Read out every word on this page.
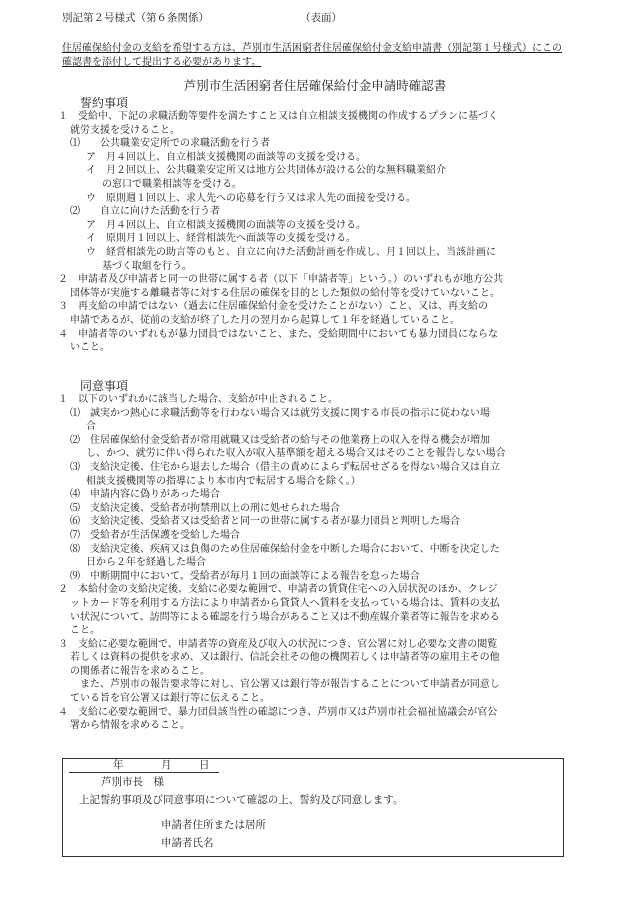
別記第２号様式（第６条関係）	（表面）
住居確保給付金の支給を希望する方は、芦別市生活困窮者住居確保給付金支給申請書（別記第１号様式）にこの確認書を添付して提出する必要があります。
芦別市生活困窮者住居確保給付金申請時確認書
誓約事項
１　受給中、下記の求職活動等要件を満たすこと又は自立相談支援機関の作成するプランに基づく
就労支援を受けること。
⑴　　公共職業安定所での求職活動を行う者
ア　月４回以上、自立相談支援機関の面談等の支援を受ける。
イ　月２回以上、公共職業安定所又は地方公共団体が設ける公的な無料職業紹介
の窓口で職業相談等を受ける。
ウ　原則週１回以上、求人先への応募を行う又は求人先の面接を受ける。
⑵　　自立に向けた活動を行う者
ア　月４回以上、自立相談支援機関の面談等の支援を受ける。
イ　原則月１回以上、経営相談先へ面談等の支援を受ける。
ウ　経営相談先の助言等のもと、自立に向けた活動計画を作成し、月１回以上、当該計画に
基づく取組を行う。
２　申請者及び申請者と同一の世帯に属する者（以下「申請者等」という。）のいずれもが地方公共
団体等が実施する離職者等に対する住居の確保を目的とした類似の給付等を受けていないこと。
３　再支給の申請ではない（過去に住居確保給付金を受けたことがない）こと、又は、再支給の
申請であるが、従前の支給が終了した月の翌月から起算して１年を経過していること。
４　申請者等のいずれもが暴力団員ではないこと、また、受給期間中においても暴力団員にならな
いこと。
同意事項
１　以下のいずれかに該当した場合、支給が中止されること。
⑴　誠実かつ熱心に求職活動等を行わない場合又は就労支援に関する市長の指示に従わない場
合
⑵　住居確保給付金受給者が常用就職又は受給者の給与その他業務上の収入を得る機会が増加
し、かつ、就労に伴い得られた収入が収入基準額を超える場合又はそのことを報告しない場合
⑶　支給決定後、住宅から退去した場合（借主の責めによらず転居せざるを得ない場合又は自立
相談支援機関等の指導により本市内で転居する場合を除く。）
⑷　申請内容に偽りがあった場合
⑸　支給決定後、受給者が拘禁刑以上の刑に処せられた場合
⑹　支給決定後、受給者又は受給者と同一の世帯に属する者が暴力団員と判明した場合
⑺　受給者が生活保護を受給した場合
⑻　支給決定後、疾病又は負傷のため住居確保給付金を中断した場合において、中断を決定した
日から２年を経過した場合
⑼　中断期間中において、受給者が毎月１回の面談等による報告を怠った場合
２　本給付金の支給決定後、支給に必要な範囲で、申請者の賃貸住宅への入居状況のほか、クレジ
ットカード等を利用する方法により申請者から貸貸人へ賃料を支払っている場合は、賃料の支払
い状況について、訪問等による確認を行う場合があること又は不動産媒介業者等に報告を求める
こと。
３　支給に必要な範囲で、申請者等の資産及び収入の状況につき、官公署に対し必要な文書の閲覧
若しくは資料の提供を求め、又は銀行、信託会社その他の機関若しくは申請者等の雇用主その他
の関係者に報告を求めること。
　また、芦別市の報告要求等に対し、官公署又は銀行等が報告することについて申請者が同意し
ている旨を官公署又は銀行等に伝えること。
４　支給に必要な範囲で、暴力団員該当性の確認につき、芦別市又は芦別市社会福祉協議会が官公
署から情報を求めること。
年	月	日
芦別市長　様
上記誓約事項及び同意事項について確認の上、誓約及び同意します。
申請者住所または居所
申請者氏名
